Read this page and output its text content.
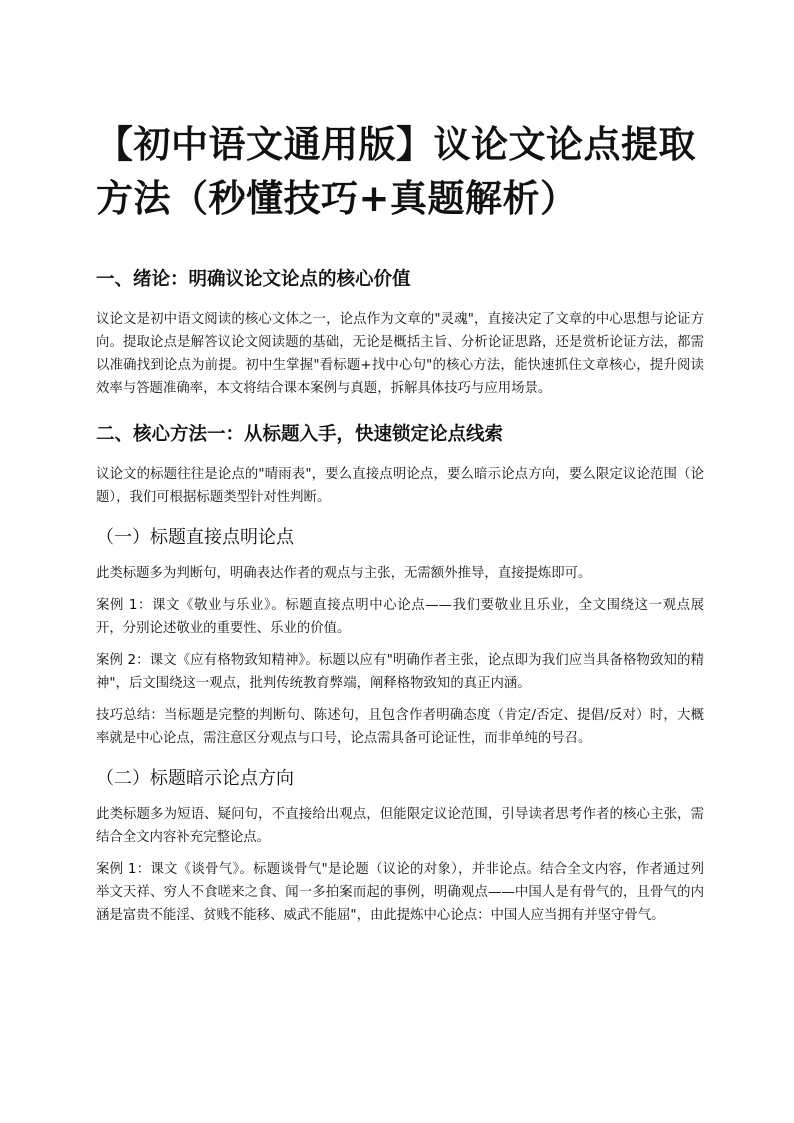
【初中语文通用版】议论文论点提取方法（秒懂技巧+真题解析）
一、绪论：明确议论文论点的核心价值

议论文是初中语文阅读的核心文体之一，论点作为文章的"灵魂"，直接决定了文章的中心思想与论证方向。提取论点是解答议论文阅读题的基础，无论是概括主旨、分析论证思路，还是赏析论证方法，都需以准确找到论点为前提。初中生掌握"看标题+找中心句"的核心方法，能快速抓住文章核心，提升阅读效率与答题准确率，本文将结合课本案例与真题，拆解具体技巧与应用场景。

二、核心方法一：从标题入手，快速锁定论点线索

议论文的标题往往是论点的"晴雨表"，要么直接点明论点，要么暗示论点方向，要么限定议论范围（论题），我们可根据标题类型针对性判断。

（一）标题直接点明论点

此类标题多为判断句，明确表达作者的观点与主张，无需额外推导，直接提炼即可。

案例 1：课文《敬业与乐业》。标题直接点明中心论点——我们要敬业且乐业，全文围绕这一观点展开，分别论述敬业的重要性、乐业的价值。

案例 2：课文《应有格物致知精神》。标题以应有"明确作者主张，论点即为我们应当具备格物致知的精神"，后文围绕这一观点，批判传统教育弊端，阐释格物致知的真正内涵。

技巧总结：当标题是完整的判断句、陈述句，且包含作者明确态度（肯定/否定、提倡/反对）时，大概率就是中心论点，需注意区分观点与口号，论点需具备可论证性，而非单纯的号召。

（二）标题暗示论点方向

此类标题多为短语、疑问句，不直接给出观点，但能限定议论范围，引导读者思考作者的核心主张，需结合全文内容补充完整论点。

案例 1：课文《谈骨气》。标题谈骨气"是论题（议论的对象），并非论点。结合全文内容，作者通过列举文天祥、穷人不食嗟来之食、闻一多拍案而起的事例，明确观点——中国人是有骨气的，且骨气的内涵是富贵不能淫、贫贱不能移、威武不能屈"，由此提炼中心论点：中国人应当拥有并坚守骨气。
